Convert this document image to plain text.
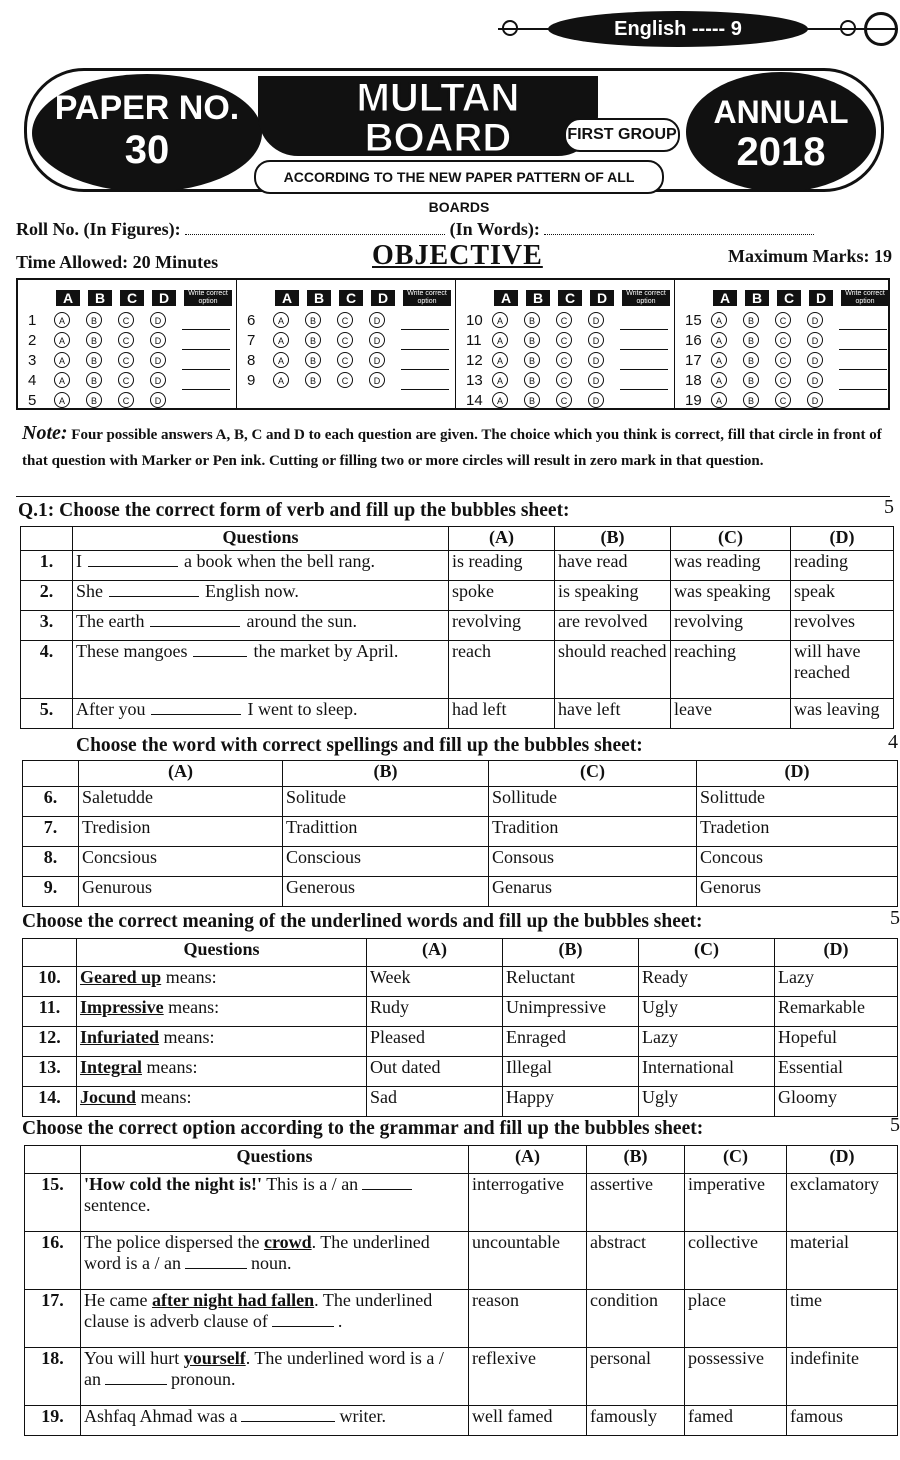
English ----- 9
PAPER NO.
30
MULTAN BOARD	FIRST GROUP
ACCORDING TO THE NEW PAPER PATTERN OF ALL BOARDS
ANNUAL
2018
Roll No. (In Figures):	(In Words):
Time Allowed: 20 Minutes	OBJECTIVE	Maximum Marks: 19
A	B	C	D	Write correct option
1	A	B	C	D
2	A	B	C	D
3	A	B	C	D
4	A	B	C	D
5	A	B	C	D
A	B	C	D	Write correct option
6	A	B	C	D
7	A	B	C	D
8	A	B	C	D
9	A	B	C	D
A	B	C	D	Write correct option
10	A	B	C	D
11	A	B	C	D
12	A	B	C	D
13	A	B	C	D
14	A	B	C	D
A	B	C	D	Write correct option
15	A	B	C	D
16	A	B	C	D
17	A	B	C	D
18	A	B	C	D
19	A	B	C	D
Note: Four possible answers A, B, C and D to each question are given. The choice which you think is correct, fill that circle in front of that question with Marker or Pen ink. Cutting or filling two or more circles will result in zero mark in that question.
Q.1: Choose the correct form of verb and fill up the bubbles sheet:	5
	Questions	(A)	(B)	(C)	(D)
1.	I a book when the bell rang.	is reading	have read	was reading	reading
2.	She English now.	spoke	is speaking	was speaking	speak
3.	The earth around the sun.	revolving	are revolved	revolving	revolves
4.	These mangoes the market by April.	reach	should reached	reaching	will have reached
5.	After you I went to sleep.	had left	have left	leave	was leaving
Choose the word with correct spellings and fill up the bubbles sheet:	4
	(A)	(B)	(C)	(D)
6.	Saletudde	Solitude	Sollitude	Solittude
7.	Tredision	Tradittion	Tradition	Tradetion
8.	Concsious	Conscious	Consous	Concous
9.	Genurous	Generous	Genarus	Genorus
Choose the correct meaning of the underlined words and fill up the bubbles sheet:	5
	Questions	(A)	(B)	(C)	(D)
10.	Geared up means:	Week	Reluctant	Ready	Lazy
11.	Impressive means:	Rudy	Unimpressive	Ugly	Remarkable
12.	Infuriated means:	Pleased	Enraged	Lazy	Hopeful
13.	Integral means:	Out dated	Illegal	International	Essential
14.	Jocund means:	Sad	Happy	Ugly	Gloomy
Choose the correct option according to the grammar and fill up the bubbles sheet:	5
	Questions	(A)	(B)	(C)	(D)
15.	'How cold the night is!' This is a / ansentence.	interrogative	assertive	imperative	exclamatory
16.	The police dispersed the crowd. The underlined word is a / an noun.	uncountable	abstract	collective	material
17.	He came after night had fallen. The underlined clause is adverb clause of .	reason	condition	place	time
18.	You will hurt yourself. The underlined word is a / an pronoun.	reflexive	personal	possessive	indefinite
19.	Ashfaq Ahmad was a writer.	well famed	famously	famed	famous
